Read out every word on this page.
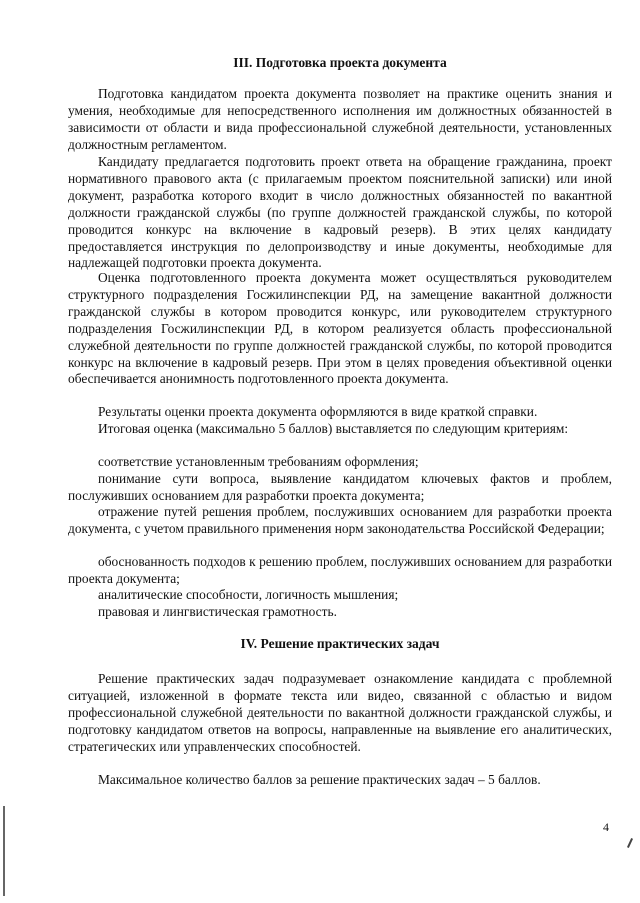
III. Подготовка проекта документа
Подготовка кандидатом проекта документа позволяет на практике оценить знания и умения, необходимые для непосредственного исполнения им должностных обязанностей в зависимости от области и вида профессиональной служебной деятельности, установленных должностным регламентом.
Кандидату предлагается подготовить проект ответа на обращение гражданина, проект нормативного правового акта (с прилагаемым проектом пояснительной записки) или иной документ, разработка которого входит в число должностных обязанностей по вакантной должности гражданской службы (по группе должностей гражданской службы, по которой проводится конкурс на включение в кадровый резерв). В этих целях кандидату предоставляется инструкция по делопроизводству и иные документы, необходимые для надлежащей подготовки проекта документа.
Оценка подготовленного проекта документа может осуществляться руководителем структурного подразделения Госжилинспекции РД, на замещение вакантной должности гражданской службы в котором проводится конкурс, или руководителем структурного подразделения Госжилинспекции РД, в котором реализуется область профессиональной служебной деятельности по группе должностей гражданской службы, по которой проводится конкурс на включение в кадровый резерв. При этом в целях проведения объективной оценки обеспечивается анонимность подготовленного проекта документа.
Результаты оценки проекта документа оформляются в виде краткой справки.
Итоговая оценка (максимально 5 баллов) выставляется по следующим критериям:
соответствие установленным требованиям оформления;
понимание сути вопроса, выявление кандидатом ключевых фактов и проблем, послуживших основанием для разработки проекта документа;
отражение путей решения проблем, послуживших основанием для разработки проекта документа, с учетом правильного применения норм законодательства Российской Федерации;
обоснованность подходов к решению проблем, послуживших основанием для разработки проекта документа;
аналитические способности, логичность мышления;
правовая и лингвистическая грамотность.
IV. Решение практических задач
Решение практических задач подразумевает ознакомление кандидата с проблемной ситуацией, изложенной в формате текста или видео, связанной с областью и видом профессиональной служебной деятельности по вакантной должности гражданской службы, и подготовку кандидатом ответов на вопросы, направленные на выявление его аналитических, стратегических или управленческих способностей.
Максимальное количество баллов за решение практических задач – 5 баллов.
4
